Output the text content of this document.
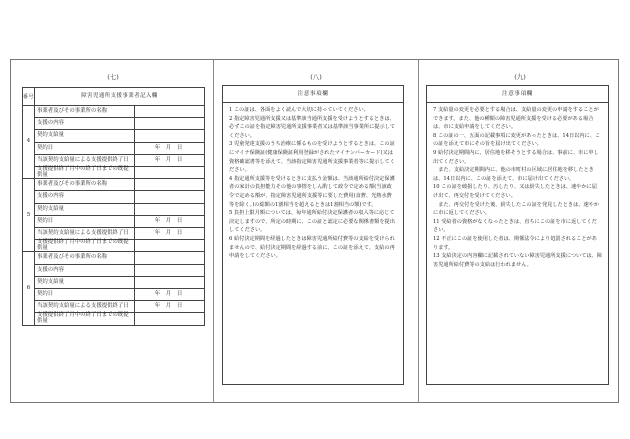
(七)	(八)	(九)
番号	障害児通所支援事業者記入欄	
4	事業者及びその事業所の名称	
	支援の内容	
	契約支給量	
	契約日	年 月 日
	当該契約支給量による支援提供終了日	年 月 日
	支援提供終了月中の終了日までの既提供量	
5	事業者及びその事業所の名称	
	支援の内容	
	契約支給量	
	契約日	年 月 日
	当該契約支給量による支援提供終了日	年 月 日
	支援提供終了月中の終了日までの既提供量	
6	事業者及びその事業所の名称	
	支援の内容	
	契約支給量	
	契約日	年 月 日
	当該契約支給量による支援提供終了日	年 月 日
	支援提供終了月中の終了日までの既提供量	
注意事項欄

1 この証は、各面をよく読んで大切に持っていてください。

2 指定障害児通所支援又は基準該当通所支援を受けようとするときは、必ずこの証を指定障害児通所支援事業者又は基準該当事業所に提示してください。

3 児童発達支援のうち治療に係るものを受けようとするときは、この証にマイナ保険証(健康保険証利用登録がされたマイナンバーカード)又は資格確認書等を添えて、当該指定障害児通所支援事業者等に提示してください。

4 指定通所支援等を受けるときに支払う金額は、当該通所給付決定保護者の家計の負担能力その他の事情をしん酌して政令で定める額(当該政令で定める額が、指定障害児通所支援等に要した費用(食費、光熱水費等を除く。)の総額の1割相当を超えるときは1割相当の額)です。

5 負担上限月額については、毎年通所給付決定保護者の収入等に応じて決定しますので、所定の時期に、この証と認定に必要な関係書類を提出してください。

6 給付決定期間を経過したときは障害児通所給付費等の支給を受けられませんので、給付決定期間を経過する前に、この証を添えて、支給の再申請をしてください。

注意事項欄

7 支給量の変更を必要とする場合は、支給量の変更の申請をすることができます。また、他の種類の障害児通所支援を受ける必要がある場合は、市に支給申請をしてください。

8 この証の一、五面の記載事項に変更があったときは、14日以内に、この証を添えて市にその旨を届け出てください。

9 給付決定期間内に、居住地を移そうとする場合は、事前に、市に申し出てください。

また、支給決定期間内に、他の市町村の区域に居住地を移したときは、14日以内に、この証を添えて、市に届け出てください。

10 この証を破損したり、汚したり、又は紛失したときは、速やかに届け出て、再交付を受けてください。

また、再交付を受けた後、紛失したこの証を発見したときは、速やかに市に返してください。

11 受給者の資格がなくなったときは、直ちにこの証を市に返してください。

12 不正にこの証を使用した者は、関係法令により処罰されることがあります。

13 支給決定の内容欄に記載されていない障害児通所支援については、障害児通所給付費等の支給は行われません。
